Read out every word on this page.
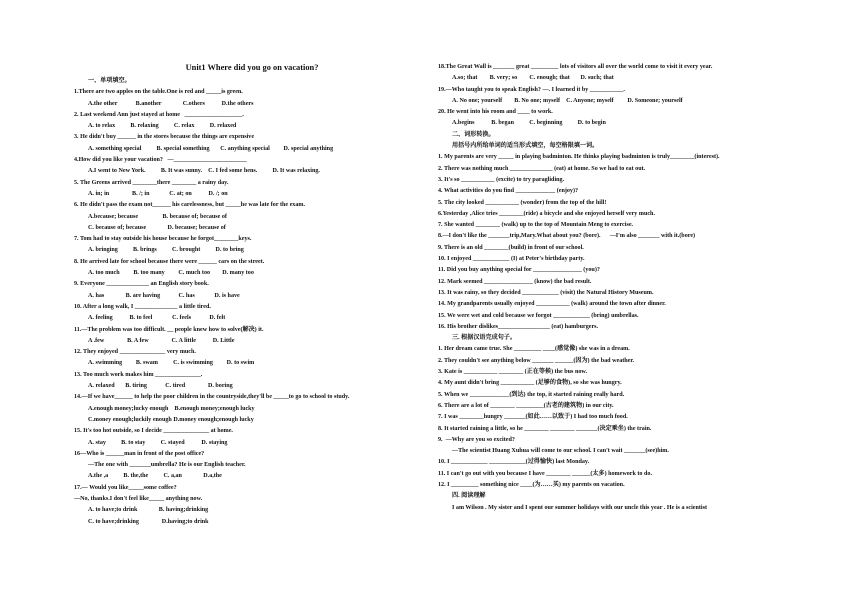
Unit1 Where did you go on vacation?
一、单项填空。
1.There are two apples on the table.One is red and _____is green.
A.the other            B.another              C.others           D.the others
2. Last weekend Ann just stayed at home   ___________________.
A. to relax          B. relaxing          C. relax          D. relaxed
3. He didn't buy ______ in the stores because the things are expensive
A. something special          B. special something       C. anything special         D. special anything
4.How did you like your vacation?   —________________________
A.I went to New York.          B. It was sunny.    C. I fed some hens.          D. It was relaxing.
5. The Greens arrived ________there ________ a rainy day.
A. in; in               B. /; in             C. at; on           D. /; on
6. He didn't pass the exam not______ his carelessness, but _____he was late for the exam.
A.because; because                B. because of; because of
C. because of; because              D. because; because of
7. Tom had to stay outside his house because he forgot________keys.
A. bringing          B. brings          C. brought          D. to bring
8. He arrived late for school because there were ______ cars on the street.
A. too much         B. too many         C. much too        D. many too
9. Everyone ______________ an English story book.
A. has              B. are having            C. has             D. is have
10. After a long walk, I ______________ a little tired.
A. feeling           B. to feel             C. feels            D. felt
11.—The problem was too difficult. __ people knew how to solve(解决) it.
A .few               B. A few               C. A little           D. Little
12. They enjoyed _______________ very much.
A. swimming         B. swam          C. is swimming         D. to swim
13. Too much work makes him _______________.
A. relaxed       B. tiring            C. tired               D. boring
14.—If we have______ to help the poor children in the countryside,they'll be _____to go to school to study.
A.enough money;lucky enough    B.enough money;enough lucky
C.money enough;luckily enough D.money enough;enough lucky
15. It's too hot outside, so I decide _______________ at home.
A. stay          B. to stay          C. stayed           D. staying
16—Who is ______man in front of the post office?
—The one with _______umbrella? He is our English teacher.
A.the ,a          B. the,the          C. a,an              D.a,the
17.— Would you like_____some coffee?
—No, thanks.I don't feel like_____ anything now.
A. to have;to drink              B. having;drinking
C. to have;drinking               D.having;to drink
18.The Great Wall is _______ great _________ lots of visitors all over the world come to visit it every year.
A.so; that        B. very; so        C. enough; that       D. such; that
19.—Who taught you to speak English? —. I learned it by ___________.
A. No one; yourself        B. No one; myself    C. Anyone; myself         D. Someone; yourself
20. He went into his room and ____ to work.
A.begins           B. began          C. beginning          D. to begin
二、词形转换。
用括号内所给单词的适当形式填空，每空格限填一词。
1. My parents are very _____ in playing badminton. He thinks playing badminton is truly________(interest).
2. There was nothing much ______________ (eat) at home. So we had to eat out.
3. It's so ___________ (excite) to try paragliding.
4. What activities do you find _____________ (enjoy)?
5. The city looked ___________ (wonder) from the top of the hill!
6.Yesterday ,Alice tries ________(ride) a bicycle and she enjoyed herself very much.
7. She wanted ________ (walk) up to the top of Mountain Meng to exercise.
8.—I don't like the _______trip,Mary.What about you? (bore).      —I'm also _______ with it.(bore)
9. There is an old ________(build) in front of our school.
10. I enjoyed ____________ (I) at Peter's birthday party.
11. Did you buy anything special for ________________ (you)?
12. Mark seemed ________________ (know) the bad result.
13. It was rainy, so they decided ____________ (visit) the Natural History Museum.
14. My grandparents usually enjoyed ___________ (walk) around the town after dinner.
15. We were wet and cold because we forgot ____________ (bring) umbrellas.
16. His brother dislikes_________________ (eat) hamburgers.
三. 根据汉语完成句子。
1. Her dream came true. She _________ ____(感觉像) she was in a dream.
2. They couldn't see anything below _______ ______(因为) the bad weather.
3. Kate is ___________ ________ (正在等候) the bus now.
4. My aunt didn't bring ___________ (足够的食物), so she was hungry.
5. When we _____________(到达) the top, it started raining really hard.
6. There are a lot of ________ _________(古老的建筑物) in our city.
7. I was ________hungry _______(如此……以致于) I had too much food.
8. It started raining a little, so he ________ ________ _______(决定乘坐) the train.
9.  —Why are you so excited?
—The scientist Huang Xuhua will come to our school. I can't wait _______(see)him.
10. I ____________ ____________(过得愉快) last Monday.
11. I can't go out with you because I have ________ ______(太多) homework to do.
12. I _________ something nice ____(为……买) my parents on vacation.
四. 阅读理解
I am Wilson . My sister and I spent our summer holidays with our uncle this year . He is a scientist
